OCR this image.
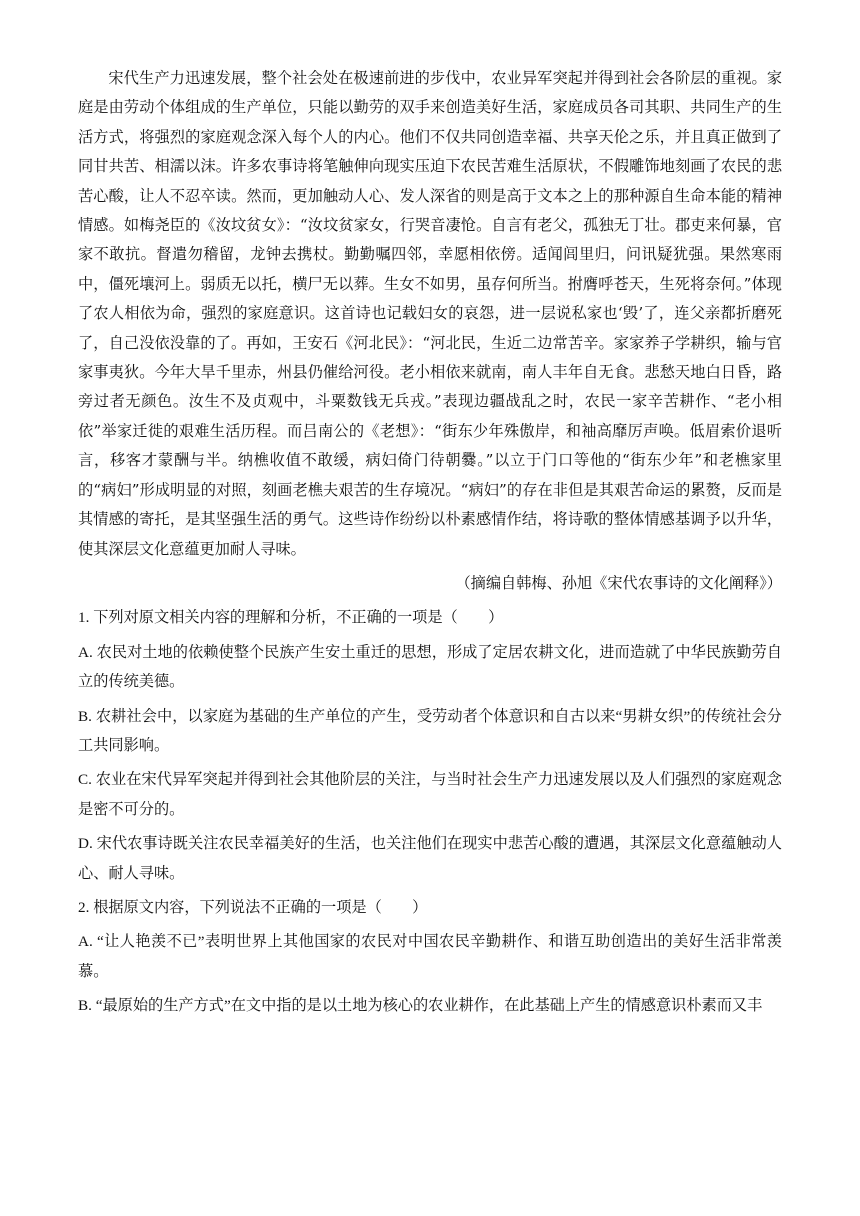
宋代生产力迅速发展，整个社会处在极速前进的步伐中，农业异军突起并得到社会各阶层的重视。家庭是由劳动个体组成的生产单位，只能以勤劳的双手来创造美好生活，家庭成员各司其职、共同生产的生活方式，将强烈的家庭观念深入每个人的内心。他们不仅共同创造幸福、共享天伦之乐，并且真正做到了同甘共苦、相濡以沫。许多农事诗将笔触伸向现实压迫下农民苦难生活原状，不假雕饰地刻画了农民的悲苦心酸，让人不忍卒读。然而，更加触动人心、发人深省的则是高于文本之上的那种源自生命本能的精神情感。如梅尧臣的《汝坟贫女》：“汝坟贫家女，行哭音凄怆。自言有老父，孤独无丁壮。郡吏来何暴，官家不敢抗。督遣勿稽留，龙钟去携杖。勤勤嘱四邻，幸愿相依傍。适闻闾里归，问讯疑犹强。果然寒雨中，僵死壤河上。弱质无以托，横尸无以葬。生女不如男，虽存何所当。拊膺呼苍天，生死将奈何。”体现了农人相依为命，强烈的家庭意识。这首诗也记载妇女的哀怨，进一层说私家也‘毁’了，连父亲都折磨死了，自己没依没靠的了。再如，王安石《河北民》：“河北民，生近二边常苦辛。家家养子学耕织，输与官家事夷狄。今年大旱千里赤，州县仍催给河役。老小相依来就南，南人丰年自无食。悲愁天地白日昏，路旁过者无颜色。汝生不及贞观中，斗粟数钱无兵戎。”表现边疆战乱之时，农民一家辛苦耕作、“老小相依”举家迁徙的艰难生活历程。而吕南公的《老想》：“街东少年殊傲岸，和袖高靡厉声唤。低眉索价退听言，移客才蒙酬与半。纳樵收值不敢缓，病妇倚门待朝爨。”以立于门口等他的“街东少年”和老樵家里的“病妇”形成明显的对照，刻画老樵夫艰苦的生存境况。“病妇”的存在非但是其艰苦命运的累赘，反而是其情感的寄托，是其坚强生活的勇气。这些诗作纷纷以朴素感情作结，将诗歌的整体情感基调予以升华，使其深层文化意蕴更加耐人寻味。

（摘编自韩梅、孙旭《宋代农事诗的文化阐释》）

1. 下列对原文相关内容的理解和分析，不正确的一项是（　　）

A. 农民对土地的依赖使整个民族产生安土重迁的思想，形成了定居农耕文化，进而造就了中华民族勤劳自立的传统美德。

B. 农耕社会中，以家庭为基础的生产单位的产生，受劳动者个体意识和自古以来“男耕女织”的传统社会分工共同影响。

C. 农业在宋代异军突起并得到社会其他阶层的关注，与当时社会生产力迅速发展以及人们强烈的家庭观念是密不可分的。

D. 宋代农事诗既关注农民幸福美好的生活，也关注他们在现实中悲苦心酸的遭遇，其深层文化意蕴触动人心、耐人寻味。

2. 根据原文内容，下列说法不正确的一项是（　　）

A. “让人艳羡不已”表明世界上其他国家的农民对中国农民辛勤耕作、和谐互助创造出的美好生活非常羡慕。

B. “最原始的生产方式”在文中指的是以土地为核心的农业耕作，在此基础上产生的情感意识朴素而又丰
